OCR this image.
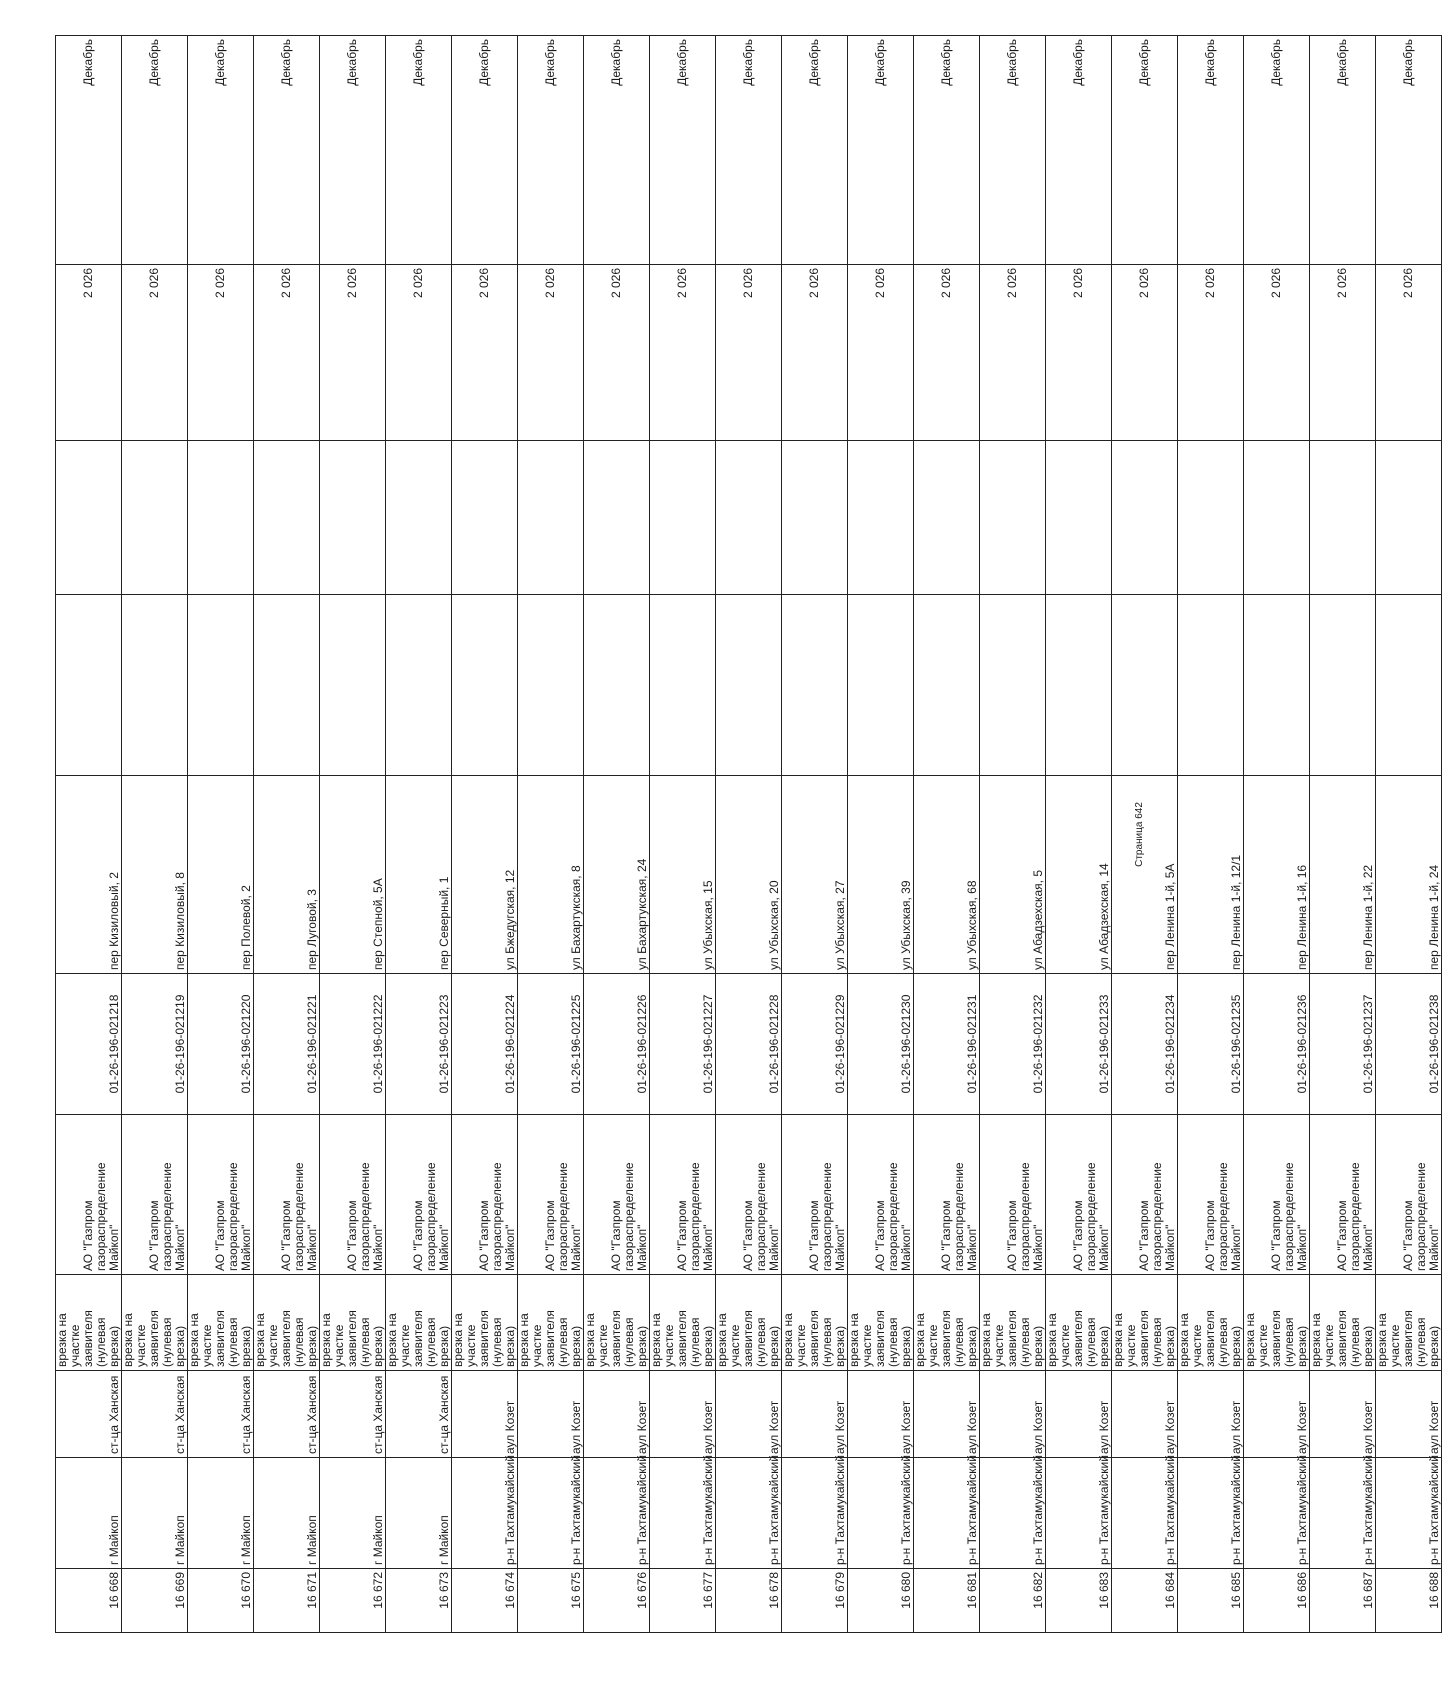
16 668	г Майкоп	ст-ца Ханская	врезка на участке заявителя (нулевая врезка)	АО "Газпром газораспределение Майкоп"	01-26-196-021218	пер Кизиловый, 2			2 026	Декабрь
16 669	г Майкоп	ст-ца Ханская	врезка на участке заявителя (нулевая врезка)	АО "Газпром газораспределение Майкоп"	01-26-196-021219	пер Кизиловый, 8			2 026	Декабрь
16 670	г Майкоп	ст-ца Ханская	врезка на участке заявителя (нулевая врезка)	АО "Газпром газораспределение Майкоп"	01-26-196-021220	пер Полевой, 2			2 026	Декабрь
16 671	г Майкоп	ст-ца Ханская	врезка на участке заявителя (нулевая врезка)	АО "Газпром газораспределение Майкоп"	01-26-196-021221	пер Луговой, 3			2 026	Декабрь
16 672	г Майкоп	ст-ца Ханская	врезка на участке заявителя (нулевая врезка)	АО "Газпром газораспределение Майкоп"	01-26-196-021222	пер Степной, 5А			2 026	Декабрь
16 673	г Майкоп	ст-ца Ханская	врезка на участке заявителя (нулевая врезка)	АО "Газпром газораспределение Майкоп"	01-26-196-021223	пер Северный, 1			2 026	Декабрь
16 674	р-н Тахтамукайский	аул Козет	врезка на участке заявителя (нулевая врезка)	АО "Газпром газораспределение Майкоп"	01-26-196-021224	ул Бжедугская, 12			2 026	Декабрь
16 675	р-н Тахтамукайский	аул Козет	врезка на участке заявителя (нулевая врезка)	АО "Газпром газораспределение Майкоп"	01-26-196-021225	ул Бахартукская, 8			2 026	Декабрь
16 676	р-н Тахтамукайский	аул Козет	врезка на участке заявителя (нулевая врезка)	АО "Газпром газораспределение Майкоп"	01-26-196-021226	ул Бахартукская, 24			2 026	Декабрь
16 677	р-н Тахтамукайский	аул Козет	врезка на участке заявителя (нулевая врезка)	АО "Газпром газораспределение Майкоп"	01-26-196-021227	ул Убыхская, 15			2 026	Декабрь
16 678	р-н Тахтамукайский	аул Козет	врезка на участке заявителя (нулевая врезка)	АО "Газпром газораспределение Майкоп"	01-26-196-021228	ул Убыхская, 20			2 026	Декабрь
16 679	р-н Тахтамукайский	аул Козет	врезка на участке заявителя (нулевая врезка)	АО "Газпром газораспределение Майкоп"	01-26-196-021229	ул Убыхская, 27			2 026	Декабрь
16 680	р-н Тахтамукайский	аул Козет	врезка на участке заявителя (нулевая врезка)	АО "Газпром газораспределение Майкоп"	01-26-196-021230	ул Убыхская, 39			2 026	Декабрь
16 681	р-н Тахтамукайский	аул Козет	врезка на участке заявителя (нулевая врезка)	АО "Газпром газораспределение Майкоп"	01-26-196-021231	ул Убыхская, 68			2 026	Декабрь
16 682	р-н Тахтамукайский	аул Козет	врезка на участке заявителя (нулевая врезка)	АО "Газпром газораспределение Майкоп"	01-26-196-021232	ул Абадзехская, 5			2 026	Декабрь
16 683	р-н Тахтамукайский	аул Козет	врезка на участке заявителя (нулевая врезка)	АО "Газпром газораспределение Майкоп"	01-26-196-021233	ул Абадзехская, 14			2 026	Декабрь
16 684	р-н Тахтамукайский	аул Козет	врезка на участке заявителя (нулевая врезка)	АО "Газпром газораспределение Майкоп"	01-26-196-021234	пер Ленина 1-й, 5А			2 026	Декабрь
16 685	р-н Тахтамукайский	аул Козет	врезка на участке заявителя (нулевая врезка)	АО "Газпром газораспределение Майкоп"	01-26-196-021235	пер Ленина 1-й, 12/1			2 026	Декабрь
16 686	р-н Тахтамукайский	аул Козет	врезка на участке заявителя (нулевая врезка)	АО "Газпром газораспределение Майкоп"	01-26-196-021236	пер Ленина 1-й, 16			2 026	Декабрь
16 687	р-н Тахтамукайский	аул Козет	врезка на участке заявителя (нулевая врезка)	АО "Газпром газораспределение Майкоп"	01-26-196-021237	пер Ленина 1-й, 22			2 026	Декабрь
16 688	р-н Тахтамукайский	аул Козет	врезка на участке заявителя (нулевая врезка)	АО "Газпром газораспределение Майкоп"	01-26-196-021238	пер Ленина 1-й, 24			2 026	Декабрь
Страница 642
